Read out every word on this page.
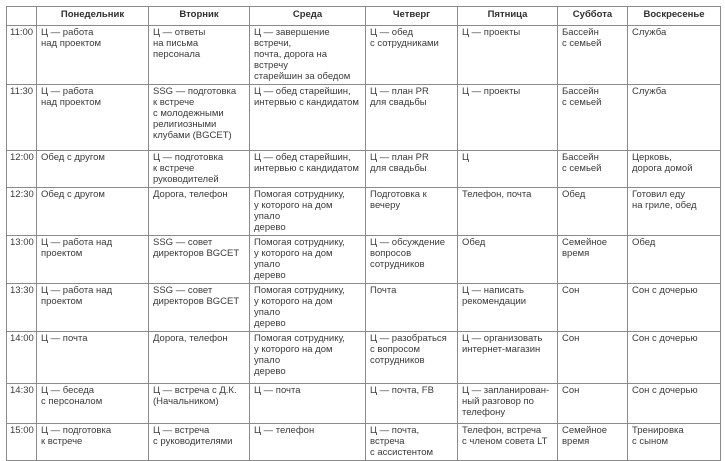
	Понедельник	Вторник	Среда	Четверг	Пятница	Суббота	Воскресенье
11:00	Ц — работа
над проектом	Ц — ответы
на письма персонала	Ц — завершение встречи,
почта, дорога на встречу
старейшин за обедом	Ц — обед
с сотрудниками	Ц — проекты	Бассейн
с семьей	Служба
11:30	Ц — работа
над проектом	SSG — подготовка
к встрече
с молодежными
религиозными
клубами (BGCET)	Ц — обед старейшин,
интервью с кандидатом	Ц — план PR
для свадьбы	Ц — проекты	Бассейн
с семьей	Служба
12:00	Обед с другом	Ц — подготовка
к встрече
руководителей	Ц — обед старейшин,
интервью с кандидатом	Ц — план PR
для свадьбы	Ц	Бассейн
с семьей	Церковь,
дорога домой
12:30	Обед с другом	Дорога, телефон	Помогая сотруднику,
у которого на дом упало
дерево	Подготовка к вечеру	Телефон, почта	Обед	Готовил еду
на гриле, обед
13:00	Ц — работа над
проектом	SSG — совет
директоров BGCET	Помогая сотруднику,
у которого на дом упало
дерево	Ц — обсуждение
вопросов
сотрудников	Обед	Семейное
время	Обед
13:30	Ц — работа над
проектом	SSG — совет
директоров BGCET	Помогая сотруднику,
у которого на дом упало
дерево	Почта	Ц — написать
рекомендации	Сон	Сон с дочерью
14:00	Ц — почта	Дорога, телефон	Помогая сотруднику,
у которого на дом упало
дерево	Ц — разобраться
с вопросом
сотрудников	Ц — организовать
интернет-магазин	Сон	Сон с дочерью
14:30	Ц — беседа
с персоналом	Ц — встреча с Д.К.
(Начальником)	Ц — почта	Ц — почта, FB	Ц — запланирован-
ный разговор по
телефону	Сон	Сон с дочерью
15:00	Ц — подготовка
к встрече	Ц — встреча
с руководителями	Ц — телефон	Ц — почта, встреча
с ассистентом	Телефон, встреча
с членом совета LT	Семейное
время	Тренировка
с сыном
